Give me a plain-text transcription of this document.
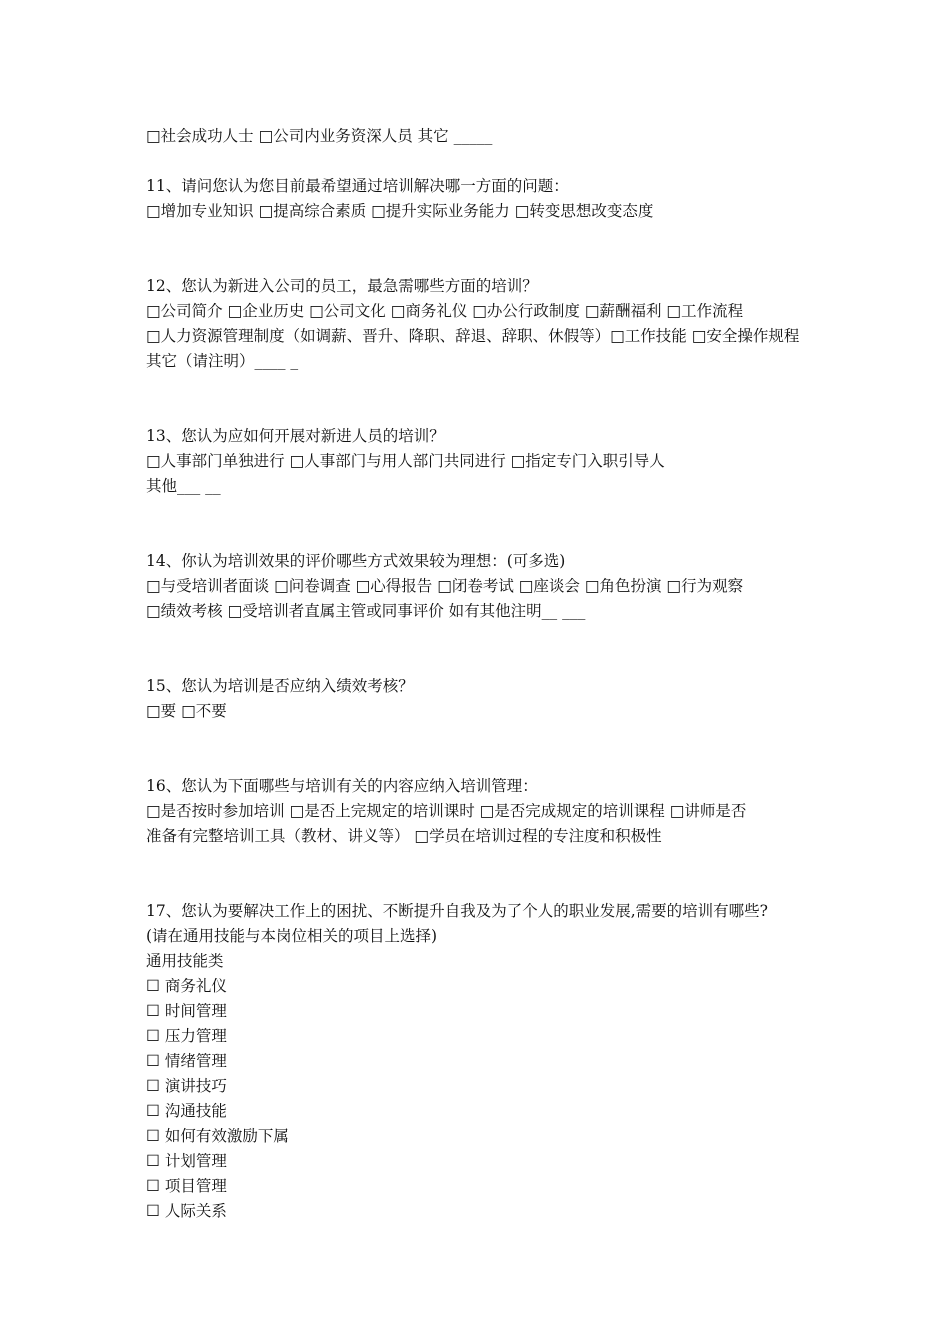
□社会成功人士 □公司内业务资深人员 其它 _____
11、请问您认为您目前最希望通过培训解决哪一方面的问题：
□增加专业知识 □提高综合素质 □提升实际业务能力 □转变思想改变态度
12、您认为新进入公司的员工，最急需哪些方面的培训？
□公司简介 □企业历史 □公司文化 □商务礼仪 □办公行政制度 □薪酬福利 □工作流程
□人力资源管理制度（如调薪、晋升、降职、辞退、辞职、休假等）□工作技能 □安全操作规程
其它（请注明）____ _
13、您认为应如何开展对新进人员的培训？
□人事部门单独进行 □人事部门与用人部门共同进行 □指定专门入职引导人
其他___ __
14、你认为培训效果的评价哪些方式效果较为理想：(可多选)
□与受培训者面谈 □问卷调查 □心得报告 □闭卷考试 □座谈会 □角色扮演 □行为观察
□绩效考核 □受培训者直属主管或同事评价 如有其他注明__ ___
15、您认为培训是否应纳入绩效考核？
□要 □不要
16、您认为下面哪些与培训有关的内容应纳入培训管理：
□是否按时参加培训 □是否上完规定的培训课时 □是否完成规定的培训课程 □讲师是否
准备有完整培训工具（教材、讲义等） □学员在培训过程的专注度和积极性
17、您认为要解决工作上的困扰、不断提升自我及为了个人的职业发展,需要的培训有哪些?
(请在通用技能与本岗位相关的项目上选择)
通用技能类
☐ 商务礼仪
☐ 时间管理
☐ 压力管理
☐ 情绪管理
☐ 演讲技巧
☐ 沟通技能
☐ 如何有效激励下属
☐ 计划管理
☐ 项目管理
☐ 人际关系
